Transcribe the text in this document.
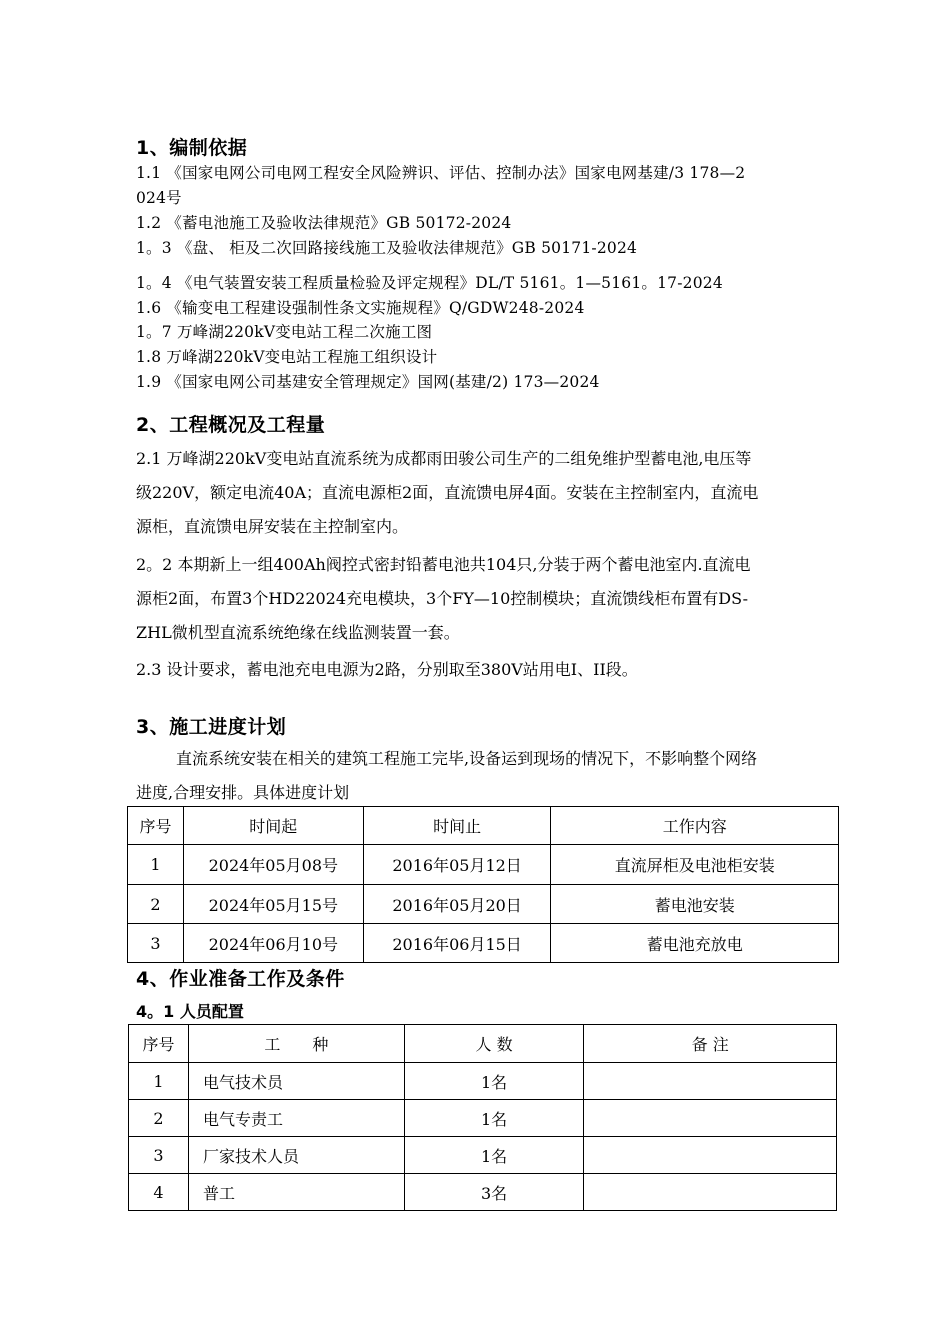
1、编制依据
1.1 《国家电网公司电网工程安全风险辨识、评估、控制办法》国家电网基建/3 178—2
024号
1.2 《蓄电池施工及验收法律规范》GB 50172-2024
1。3 《盘、 柜及二次回路接线施工及验收法律规范》GB 50171-2024
1。4 《电气装置安装工程质量检验及评定规程》DL/T 5161。1—5161。17-2024
1.6 《输变电工程建设强制性条文实施规程》Q/GDW248-2024
1。7 万峰湖220kV变电站工程二次施工图
1.8 万峰湖220kV变电站工程施工组织设计
1.9 《国家电网公司基建安全管理规定》国网(基建/2) 173—2024
2、工程概况及工程量
2.1 万峰湖220kV变电站直流系统为成都雨田骏公司生产的二组免维护型蓄电池,电压等
级220V，额定电流40A；直流电源柜2面，直流馈电屏4面。安装在主控制室内，直流电
源柜，直流馈电屏安装在主控制室内。
2。2 本期新上一组400Ah阀控式密封铅蓄电池共104只,分装于两个蓄电池室内.直流电
源柜2面，布置3个HD22024充电模块，3个FY—10控制模块；直流馈线柜布置有DS-
ZHL微机型直流系统绝缘在线监测装置一套。
2.3 设计要求，蓄电池充电电源为2路，分别取至380V站用电I、II段。
3、施工进度计划
直流系统安装在相关的建筑工程施工完毕,设备运到现场的情况下，不影响整个网络
进度,合理安排。具体进度计划
序号	时间起	时间止	工作内容
1	2024年05月08号	2016年05月12日	直流屏柜及电池柜安装
2	2024年05月15号	2016年05月20日	蓄电池安装
3	2024年06月10号	2016年06月15日	蓄电池充放电
4、作业准备工作及条件
4。1 人员配置
序号	工　　种	人 数	备 注
1	电气技术员	1名	
2	电气专责工	1名	
3	厂家技术人员	1名	
4	普工	3名	
